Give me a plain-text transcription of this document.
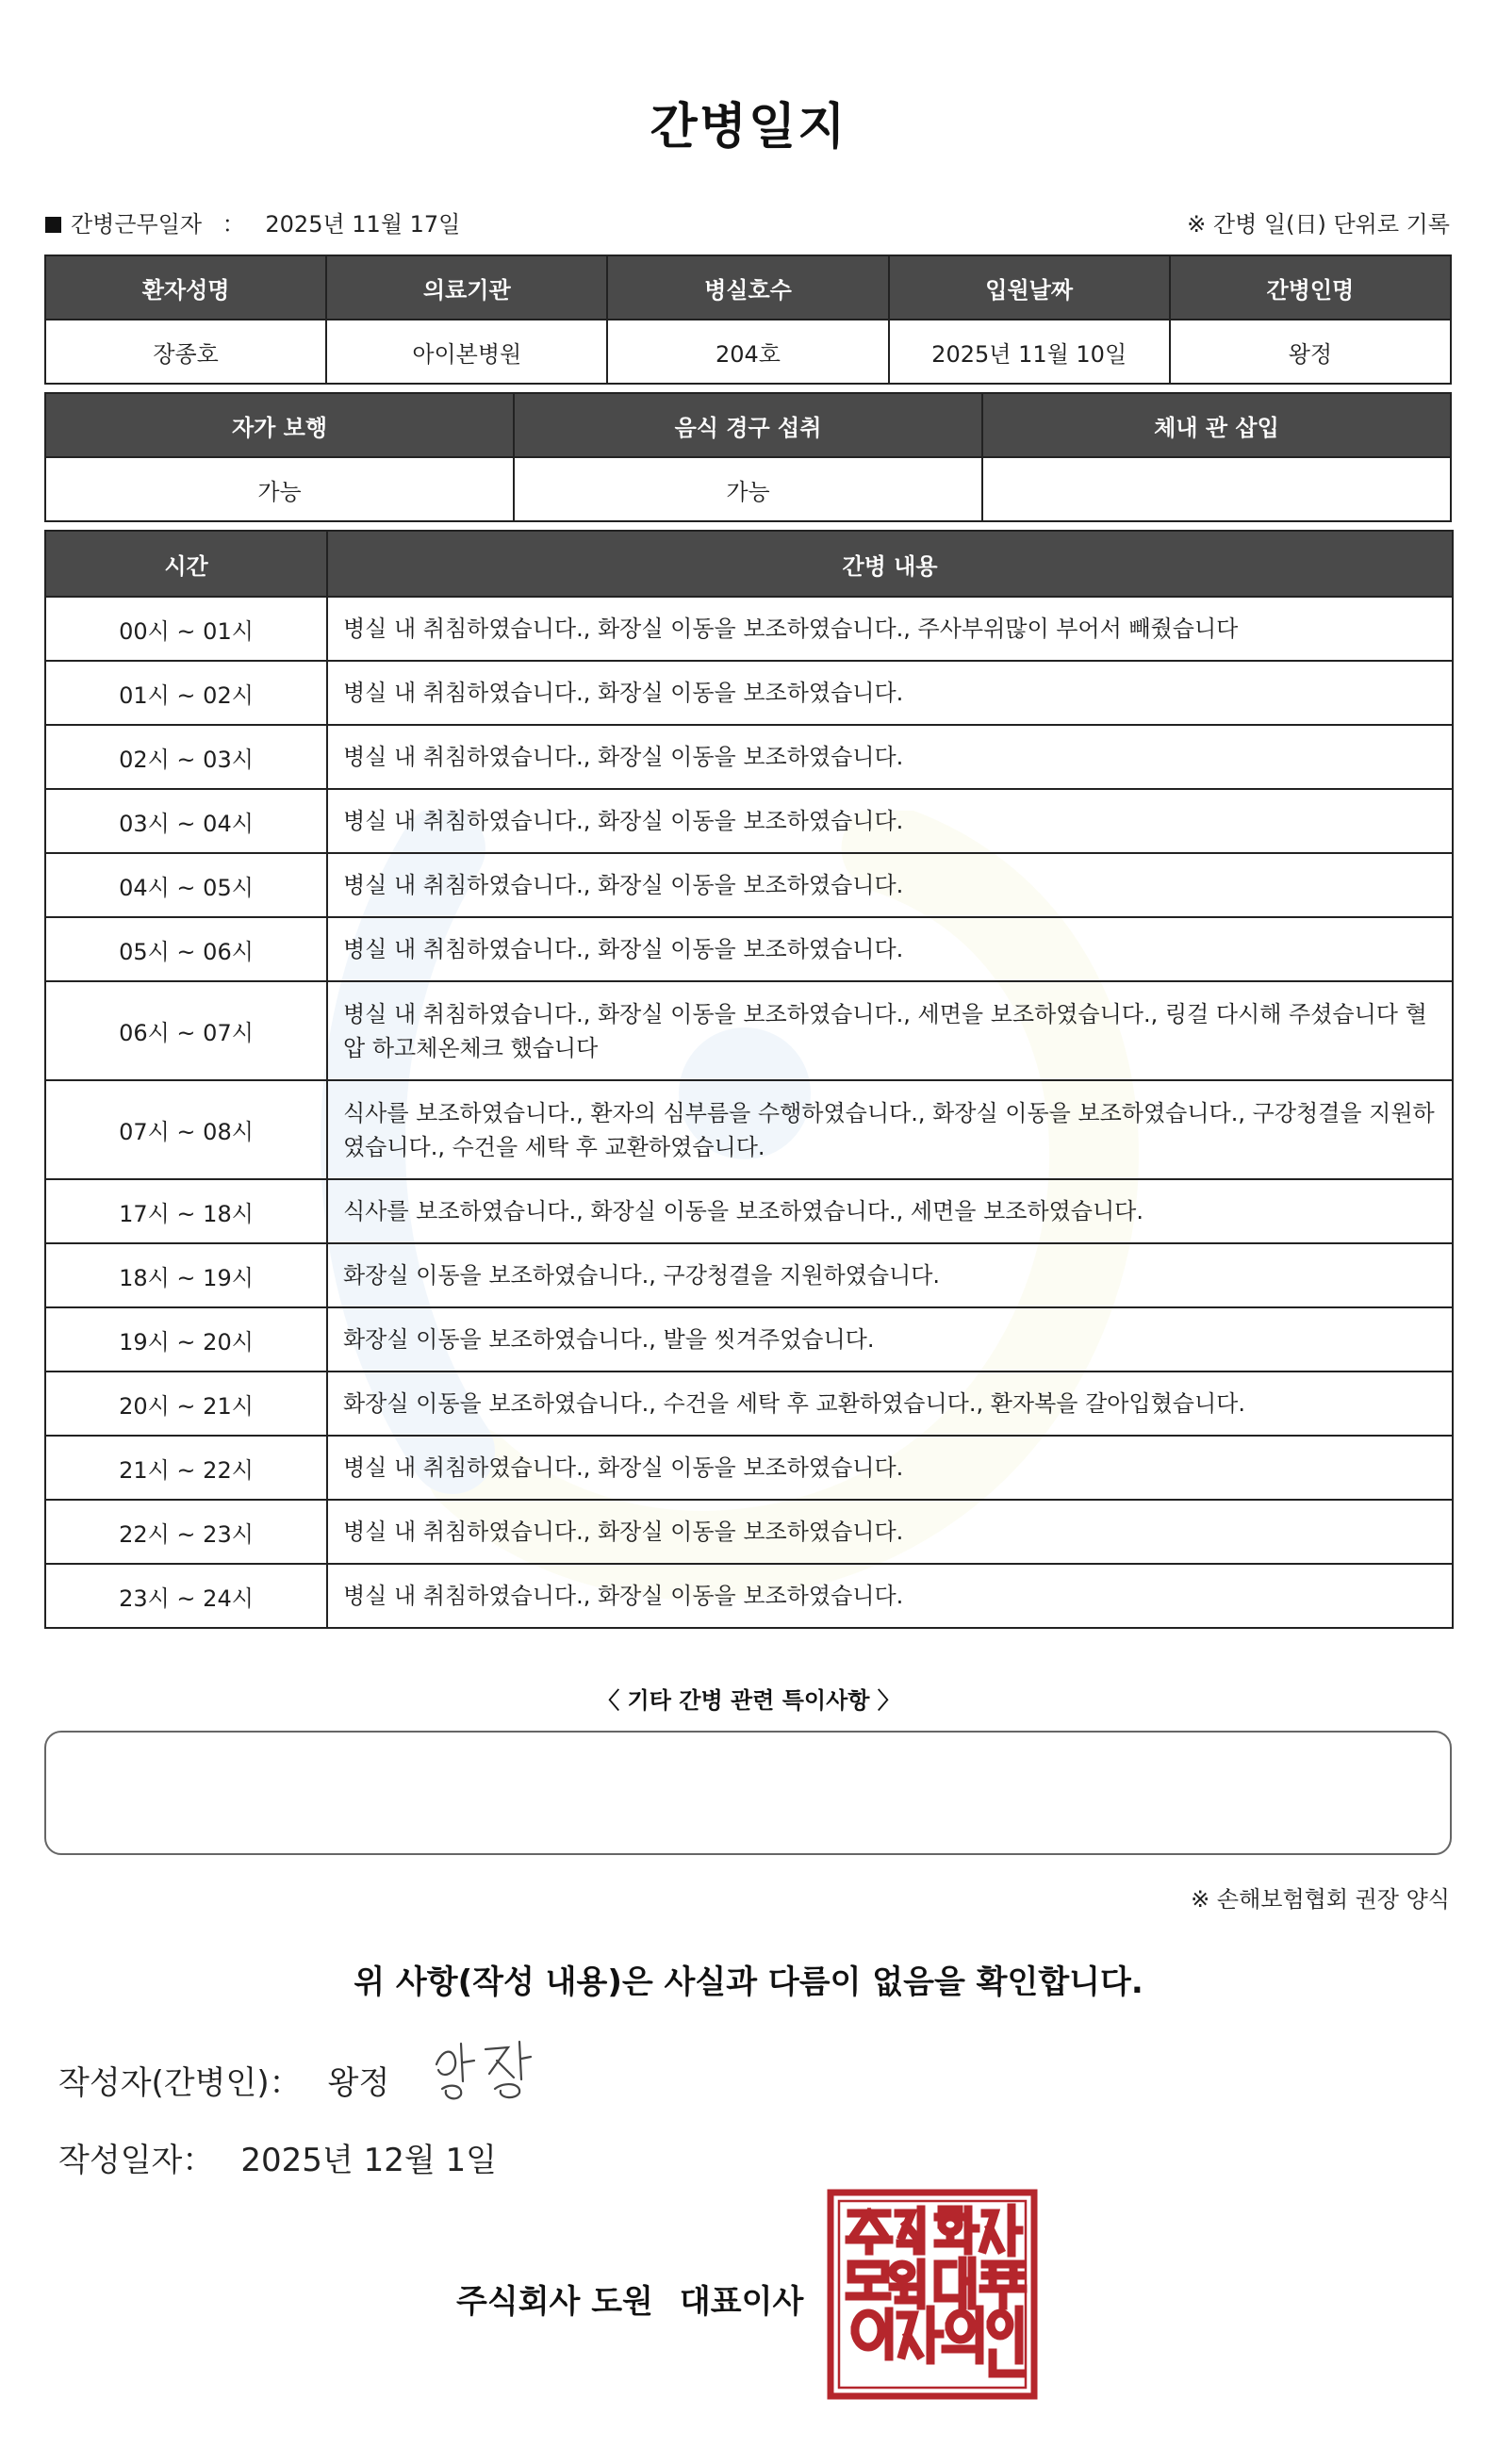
간병일지
간병근무일자 ： 2025년 11월 17일	※ 간병 일(日) 단위로 기록
환자성명	의료기관	병실호수	입원날짜	간병인명
장종호	아이본병원	204호	2025년 11월 10일	왕정
자가 보행	음식 경구 섭취	체내 관 삽입
가능	가능	
시간	간병 내용
00시 ~ 01시	병실 내 취침하였습니다., 화장실 이동을 보조하였습니다., 주사부위많이 부어서 빼줬습니다
01시 ~ 02시	병실 내 취침하였습니다., 화장실 이동을 보조하였습니다.
02시 ~ 03시	병실 내 취침하였습니다., 화장실 이동을 보조하였습니다.
03시 ~ 04시	병실 내 취침하였습니다., 화장실 이동을 보조하였습니다.
04시 ~ 05시	병실 내 취침하였습니다., 화장실 이동을 보조하였습니다.
05시 ~ 06시	병실 내 취침하였습니다., 화장실 이동을 보조하였습니다.
06시 ~ 07시	병실 내 취침하였습니다., 화장실 이동을 보조하였습니다., 세면을 보조하였습니다., 링걸 다시해 주셨습니다 혈압 하고체온체크 했습니다
07시 ~ 08시	식사를 보조하였습니다., 환자의 심부름을 수행하였습니다., 화장실 이동을 보조하였습니다., 구강청결을 지원하였습니다., 수건을 세탁 후 교환하였습니다.
17시 ~ 18시	식사를 보조하였습니다., 화장실 이동을 보조하였습니다., 세면을 보조하였습니다.
18시 ~ 19시	화장실 이동을 보조하였습니다., 구강청결을 지원하였습니다.
19시 ~ 20시	화장실 이동을 보조하였습니다., 발을 씻겨주었습니다.
20시 ~ 21시	화장실 이동을 보조하였습니다., 수건을 세탁 후 교환하였습니다., 환자복을 갈아입혔습니다.
21시 ~ 22시	병실 내 취침하였습니다., 화장실 이동을 보조하였습니다.
22시 ~ 23시	병실 내 취침하였습니다., 화장실 이동을 보조하였습니다.
23시 ~ 24시	병실 내 취침하였습니다., 화장실 이동을 보조하였습니다.
〈 기타 간병 관련 특이사항 〉
※ 손해보험협회 권장 양식
위 사항(작성 내용)은 사실과 다름이 없음을 확인합니다.
작성자(간병인)： 왕정
작성일자： 2025년 12월 1일
주식회사 도원 대표이사
